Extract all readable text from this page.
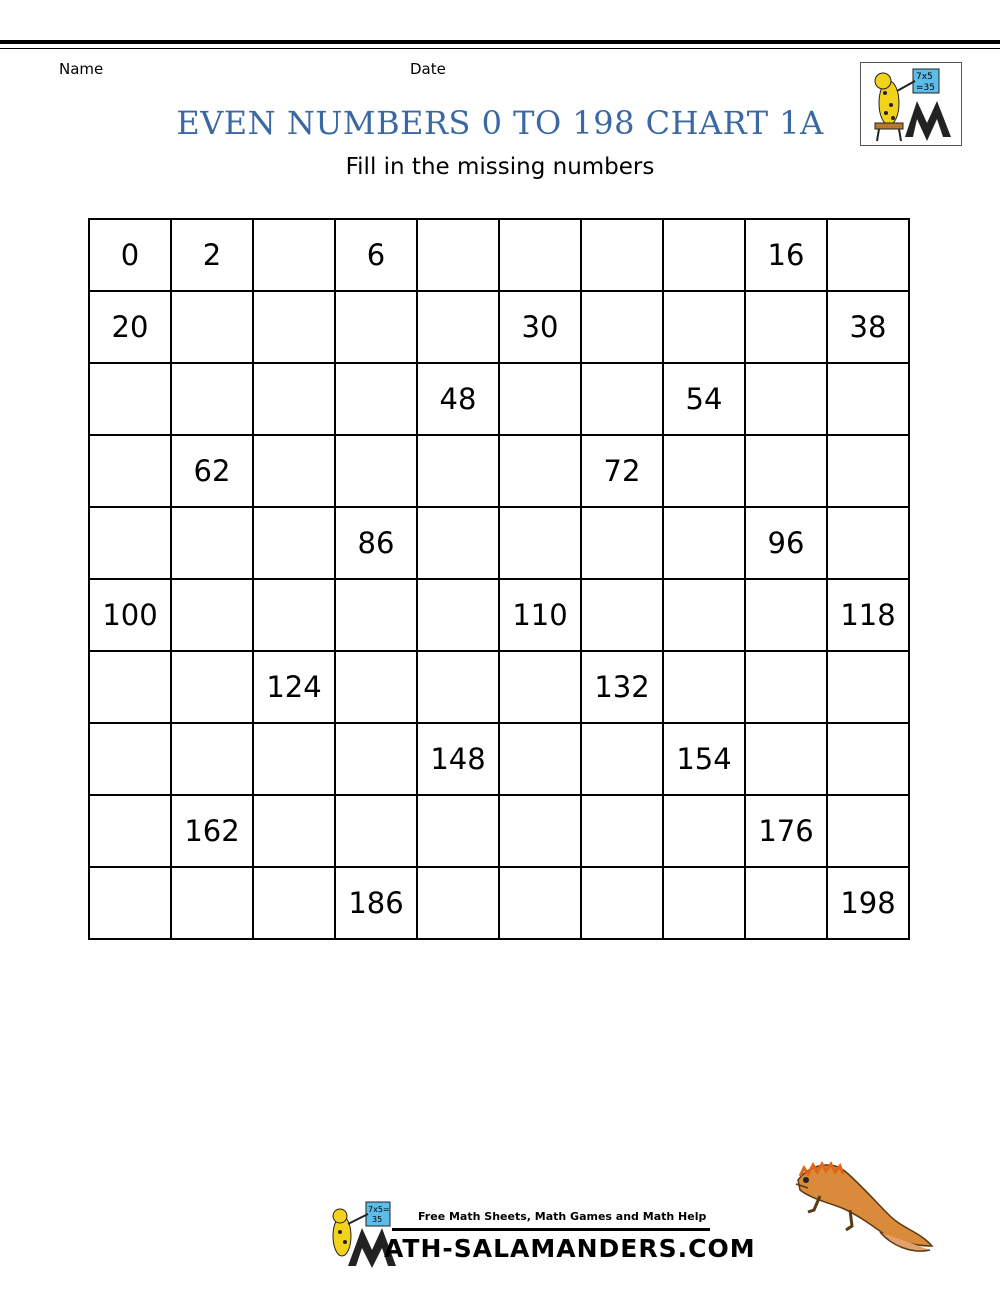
Name	Date	7x5
=35
EVEN NUMBERS 0 TO 198 CHART 1A
Fill in the missing numbers
0	2		6					16	
20					30				38
				48			54		
	62					72			
			86					96	
100					110				118
		124				132			
				148			154		
	162							176	
			186						198
7x5=
35	Free Math Sheets, Math Games and Math Help
ATH-SALAMANDERS.COM
